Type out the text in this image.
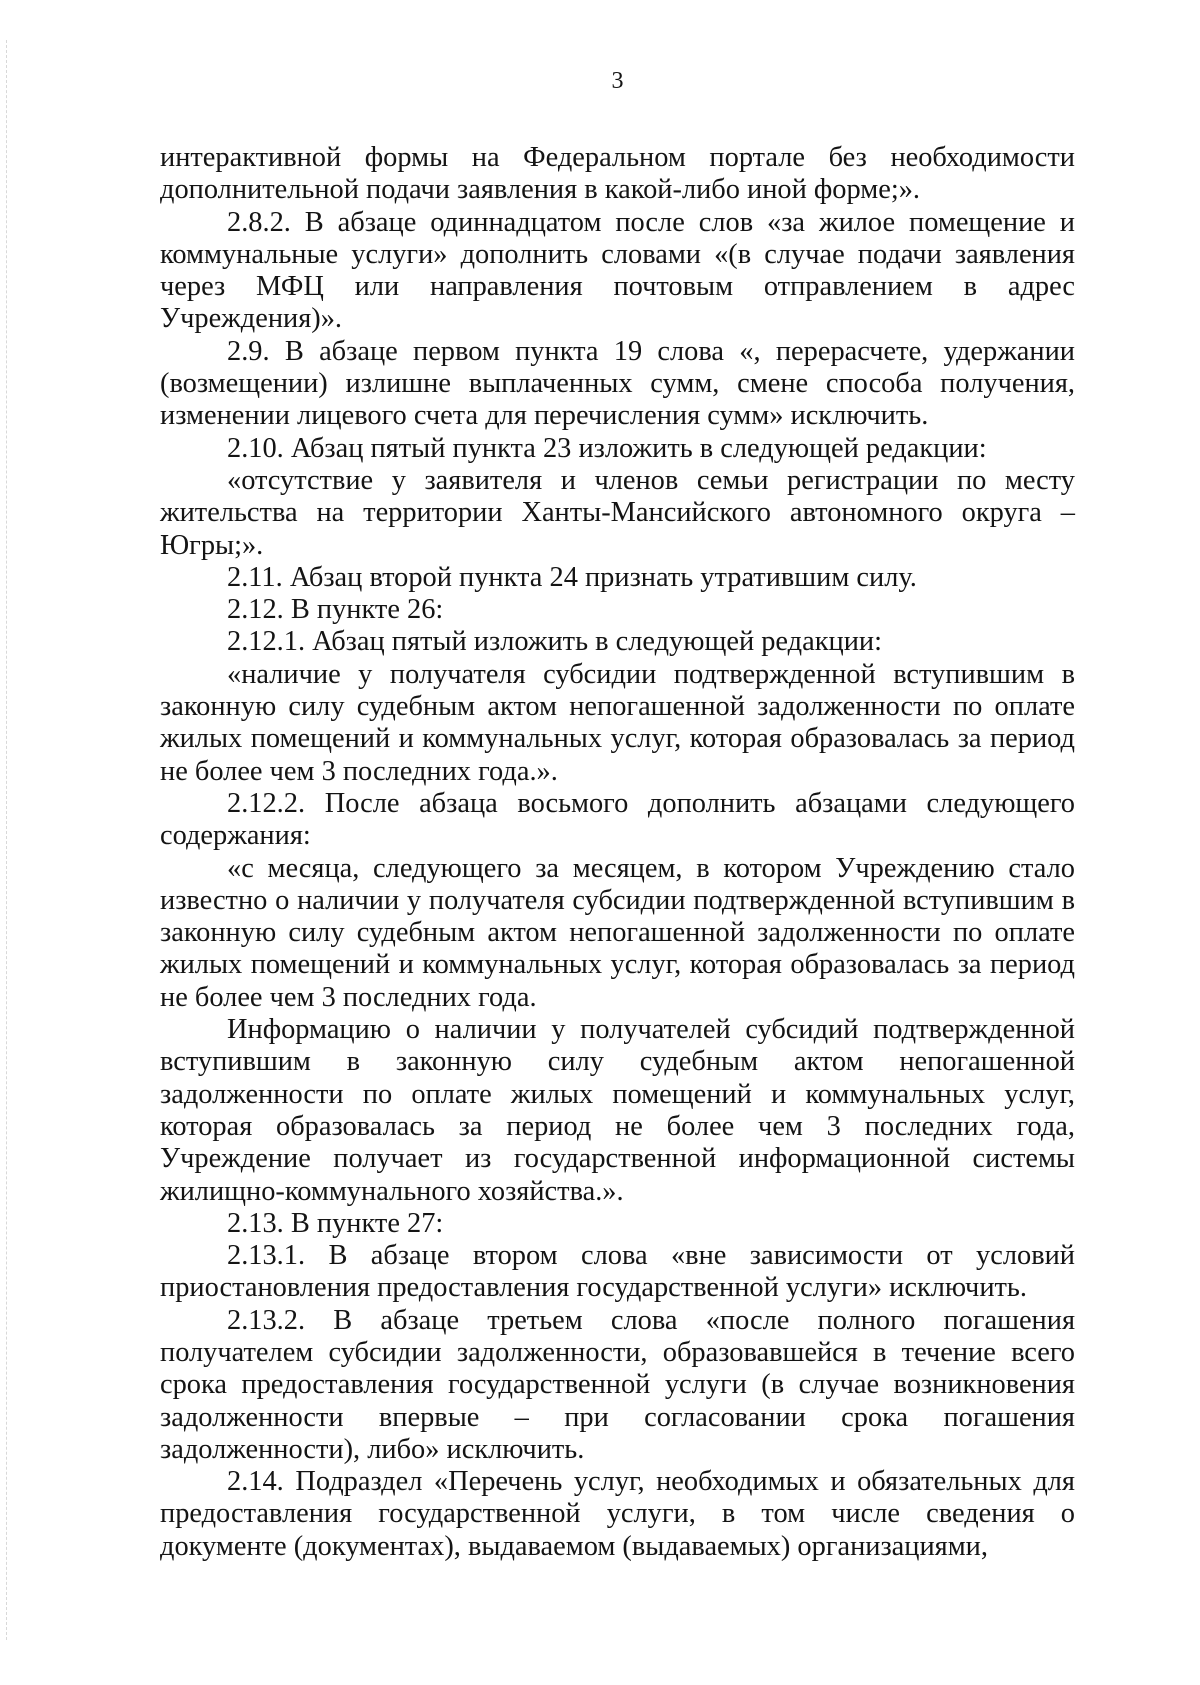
3

интерактивной формы на Федеральном портале без необходимости дополнительной подачи заявления в какой-либо иной форме;».

2.8.2. В абзаце одиннадцатом после слов «за жилое помещение и коммунальные услуги» дополнить словами «(в случае подачи заявления через МФЦ или направления почтовым отправлением в адрес Учреждения)».

2.9. В абзаце первом пункта 19 слова «, перерасчете, удержании (возмещении) излишне выплаченных сумм, смене способа получения, изменении лицевого счета для перечисления сумм» исключить.

2.10. Абзац пятый пункта 23 изложить в следующей редакции:

«отсутствие у заявителя и членов семьи регистрации по месту жительства на территории Ханты-Мансийского автономного округа – Югры;».

2.11. Абзац второй пункта 24 признать утратившим силу.

2.12. В пункте 26:

2.12.1. Абзац пятый изложить в следующей редакции:

«наличие у получателя субсидии подтвержденной вступившим в законную силу судебным актом непогашенной задолженности по оплате жилых помещений и коммунальных услуг, которая образовалась за период не более чем 3 последних года.».

2.12.2. После абзаца восьмого дополнить абзацами следующего содержания:

«с месяца, следующего за месяцем, в котором Учреждению стало известно о наличии у получателя субсидии подтвержденной вступившим в законную силу судебным актом непогашенной задолженности по оплате жилых помещений и коммунальных услуг, которая образовалась за период не более чем 3 последних года.

Информацию о наличии у получателей субсидий подтвержденной вступившим в законную силу судебным актом непогашенной задолженности по оплате жилых помещений и коммунальных услуг, которая образовалась за период не более чем 3 последних года, Учреждение получает из государственной информационной системы жилищно-коммунального хозяйства.».

2.13. В пункте 27:

2.13.1. В абзаце втором слова «вне зависимости от условий приостановления предоставления государственной услуги» исключить.

2.13.2. В абзаце третьем слова «после полного погашения получателем субсидии задолженности, образовавшейся в течение всего срока предоставления государственной услуги (в случае возникновения задолженности впервые – при согласовании срока погашения задолженности), либо» исключить.

2.14. Подраздел «Перечень услуг, необходимых и обязательных для предоставления государственной услуги, в том числе сведения о документе (документах), выдаваемом (выдаваемых) организациями,
